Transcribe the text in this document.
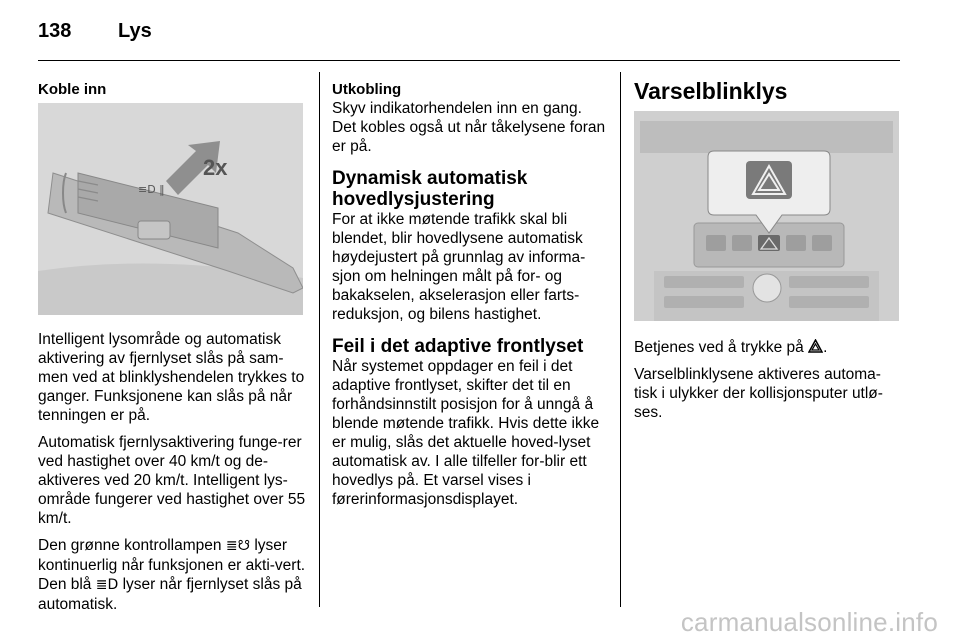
138 Lys
Koble inn
≡D ‖
2x

Intelligent lysområde og automatisk aktivering av fjernlyset slås på sam-men ved at blinklyshendelen trykkes to ganger. Funksjonene kan slås på når tenningen er på.

Automatisk fjernlysaktivering funge-rer ved hastighet over 40 km/t og de-aktiveres ved 20 km/t. Intelligent lys-område fungerer ved hastighet over 55 km/t.

Den grønne kontrollampen ≣☋ lyser kontinuerlig når funksjonen er akti-vert. Den blå ≣D lyser når fjernlyset slås på automatisk.

Utkobling

Skyv indikatorhendelen inn en gang. Det kobles også ut når tåkelysene foran er på.

Dynamisk automatisk hovedlysjustering

For at ikke møtende trafikk skal bli blendet, blir hovedlysene automatisk høydejustert på grunnlag av informa-sjon om helningen målt på for- og bakakselen, akselerasjon eller farts-reduksjon, og bilens hastighet.

Feil i det adaptive frontlyset

Når systemet oppdager en feil i det adaptive frontlyset, skifter det til en forhåndsinnstilt posisjon for å unngå å blende møtende trafikk. Hvis dette ikke er mulig, slås det aktuelle hoved-lyset automatisk av. I alle tilfeller for-blir ett hovedlys på. Et varsel vises i førerinformasjonsdisplayet.

Varselblinklys

Betjenes ved å trykke på .

Varselblinklysene aktiveres automa-tisk i ulykker der kollisjonsputer utlø-ses.

carmanualsonline.info
